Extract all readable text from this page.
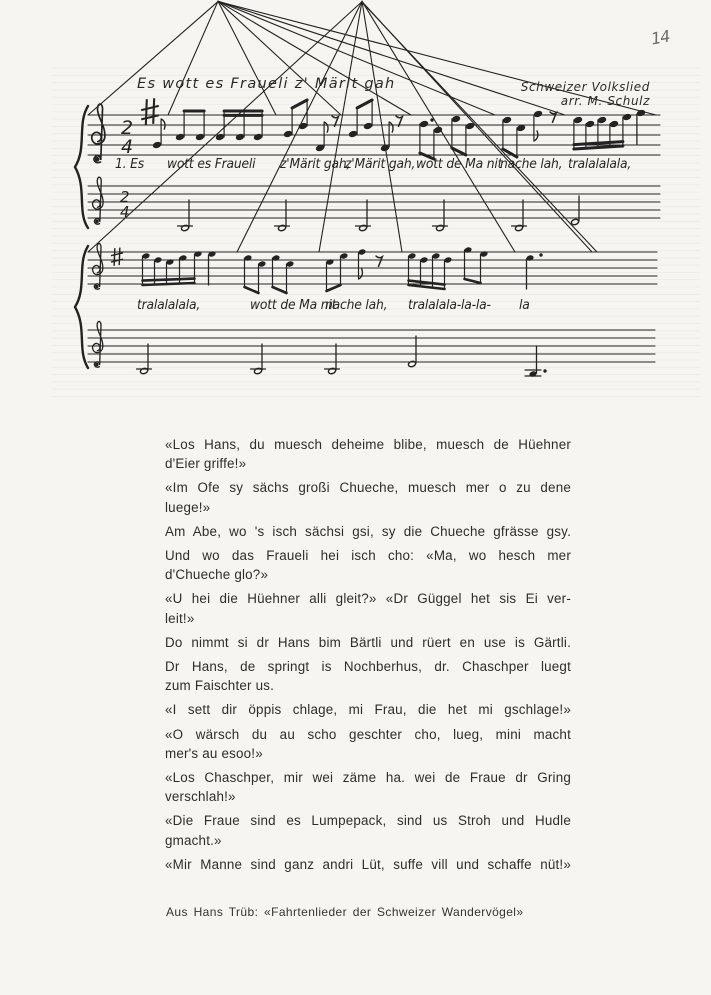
14
2
4
2
4
Es wott es Fraueli z' Märit gah	Schweizer Volkslied
arr. M. Schulz
1. Es wott es Fraueli z'Märit gah,
z'Märit gah, wott de Ma nit
nache lah, tralalalala,
tralalalala,	wott de Ma nit
nache lah, tralalala-la-la- la

«Los Hans, du muesch deheime blibe, muesch de Hüehner
d'Eier griffe!»

«Im Ofe sy sächs großi Chueche, muesch mer o zu dene
luege!»

Am Abe, wo 's isch sächsi gsi, sy die Chueche gfrässe gsy.

Und wo das Fraueli hei isch cho: «Ma, wo hesch mer
d'Chueche glo?»

«U hei die Hüehner alli gleit?» «Dr Güggel het sis Ei ver-
leit!»

Do nimmt si dr Hans bim Bärtli und rüert en use is Gärtli.

Dr Hans, de springt is Nochberhus, dr. Chaschper luegt
zum Faischter us.

«I sett dir öppis chlage, mi Frau, die het mi gschlage!»

«O wärsch du au scho geschter cho, lueg, mini macht
mer's au esoo!»

«Los Chaschper, mir wei zäme ha. wei de Fraue dr Gring
verschlah!»

«Die Fraue sind es Lumpepack, sind us Stroh und Hudle
gmacht.»

«Mir Manne sind ganz andri Lüt, suffe vill und schaffe nüt!»

Aus Hans Trüb: «Fahrtenlieder der Schweizer Wandervögel»
